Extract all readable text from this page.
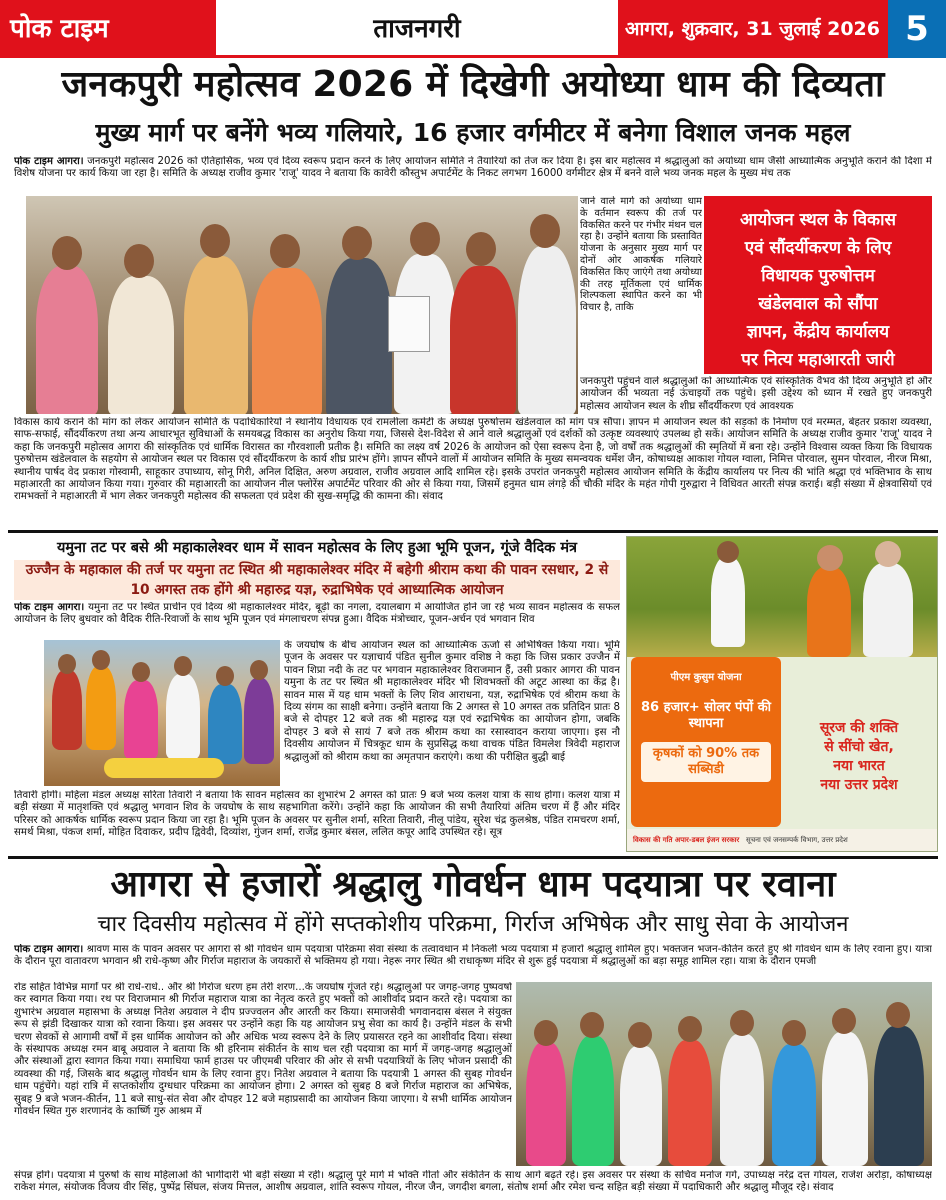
पोक टाइम	ताजनगरी	आगरा, शुक्रवार, 31 जुलाई 2026 5
जनकपुरी महोत्सव 2026 में दिखेगी अयोध्या धाम की दिव्यता
मुख्य मार्ग पर बनेंगे भव्य गलियारे, 16 हजार वर्गमीटर में बनेगा विशाल जनक महल

पोक टाइम आगरा। जनकपुरी महोत्सव 2026 को ऐतिहासिक, भव्य एवं दिव्य स्वरूप प्रदान करने के लिए आयोजन समिति ने तैयारियों को तेज कर दिया है। इस बार महोत्सव में श्रद्धालुओं को अयोध्या धाम जैसी आध्यात्मिक अनुभूति कराने की दिशा में विशेष योजना पर कार्य किया जा रहा है। समिति के अध्यक्ष राजीव कुमार 'राजू' यादव ने बताया कि कावेरी कौस्तुभ अपार्टमेंट के निकट लगभग 16000 वर्गमीटर क्षेत्र में बनने वाले भव्य जनक महल के मुख्य मंच तक

जाने वाले मार्ग को अयोध्या धाम के वर्तमान स्वरूप की तर्ज पर विकसित करने पर गंभीर मंथन चल रहा है। उन्होंने बताया कि प्रस्तावित योजना के अनुसार मुख्य मार्ग पर दोनों ओर आकर्षक गलियारे विकसित किए जाएंगे तथा अयोध्या की तरह मूर्तिकला एवं धार्मिक शिल्पकला स्थापित करने का भी विचार है, ताकि

आयोजन स्थल के विकास
एवं सौंदर्यीकरण के लिए
विधायक पुरुषोत्तम
खंडेलवाल को सौंपा
ज्ञापन, केंद्रीय कार्यालय
पर नित्य महाआरती जारी

जनकपुरी पहुंचने वाले श्रद्धालुओं को आध्यात्मिक एवं सांस्कृतिक वैभव की दिव्य अनुभूति हो और आयोजन की भव्यता नई ऊंचाइयों तक पहुंचे। इसी उद्देश्य को ध्यान में रखते हुए जनकपुरी महोत्सव आयोजन स्थल के शीघ्र सौंदर्यीकरण एवं आवश्यक

विकास कार्य कराने की मांग को लेकर आयोजन समिति के पदाधिकारियों ने स्थानीय विधायक एवं रामलीला कमेटी के अध्यक्ष पुरुषोत्तम खंडेलवाल को मांग पत्र सौंपा। ज्ञापन में आयोजन स्थल की सड़कों के निर्माण एवं मरम्मत, बेहतर प्रकाश व्यवस्था, साफ-सफाई, सौंदर्यीकरण तथा अन्य आधारभूत सुविधाओं के समयबद्ध विकास का अनुरोध किया गया, जिससे देश-विदेश से आने वाले श्रद्धालुओं एवं दर्शकों को उत्कृष्ट व्यवस्थाएं उपलब्ध हो सकें। आयोजन समिति के अध्यक्ष राजीव कुमार 'राजू' यादव ने कहा कि जनकपुरी महोत्सव आगरा की सांस्कृतिक एवं धार्मिक विरासत का गौरवशाली प्रतीक है। समिति का लक्ष्य वर्ष 2026 के आयोजन को ऐसा स्वरूप देना है, जो वर्षों तक श्रद्धालुओं की स्मृतियों में बना रहे। उन्होंने विश्वास व्यक्त किया कि विधायक पुरुषोत्तम खंडेलवाल के सहयोग से आयोजन स्थल पर विकास एवं सौंदर्यीकरण के कार्य शीघ्र प्रारंभ होंगे। ज्ञापन सौंपने वालों में आयोजन समिति के मुख्य समन्वयक धर्मेश जैन, कोषाध्यक्ष आकाश गोयल ग्वाला, निमित्त पोरवाल, सुमन पोरवाल, नीरज मिश्रा, स्थानीय पार्षद वेद प्रकाश गोस्वामी, साहूकार उपाध्याय, सोनू गिरी, अनिल दिक्षित, अरुण अग्रवाल, राजीव अग्रवाल आदि शामिल रहे। इसके उपरांत जनकपुरी महोत्सव आयोजन समिति के केंद्रीय कार्यालय पर नित्य की भांति श्रद्धा एवं भक्तिभाव के साथ महाआरती का आयोजन किया गया। गुरुवार की महाआरती का आयोजन नील फ्लोरेंस अपार्टमेंट परिवार की ओर से किया गया, जिसमें हनुमत धाम लंगड़े की चौकी मंदिर के महंत गोपी गुरुद्वारा ने विधिवत आरती संपन्न कराई। बड़ी संख्या में क्षेत्रवासियों एवं रामभक्तों ने महाआरती में भाग लेकर जनकपुरी महोत्सव की सफलता एवं प्रदेश की सुख-समृद्धि की कामना की। संवाद

यमुना तट पर बसे श्री महाकालेश्वर धाम में सावन महोत्सव के लिए हुआ भूमि पूजन, गूंजे वैदिक मंत्र
उज्जैन के महाकाल की तर्ज पर यमुना तट स्थित श्री महाकालेश्वर मंदिर में बहेगी श्रीराम कथा की पावन रसधार, 2 से 10 अगस्त तक होंगे श्री महारुद्र यज्ञ, रुद्राभिषेक एवं आध्यात्मिक आयोजन

पोक टाइम आगरा। यमुना तट पर स्थित प्राचीन एवं दिव्य श्री महाकालेश्वर मंदिर, बूढ़ी का नगला, दयालबाग में आयोजित होने जा रहे भव्य सावन महोत्सव के सफल आयोजन के लिए बुधवार को वैदिक रीति-रिवाजों के साथ भूमि पूजन एवं मंगलाचरण संपन्न हुआ। वैदिक मंत्रोच्चार, पूजन-अर्चन एवं भगवान शिव

के जयघोष के बीच आयोजन स्थल को आध्यात्मिक ऊर्जा से अभिषिक्त किया गया। भूमि पूजन के अवसर पर यज्ञाचार्य पंडित सुनील कुमार वशिष्ठ ने कहा कि जिस प्रकार उज्जैन में पावन शिप्रा नदी के तट पर भगवान महाकालेश्वर विराजमान हैं, उसी प्रकार आगरा की पावन यमुना के तट पर स्थित श्री महाकालेश्वर मंदिर भी शिवभक्तों की अटूट आस्था का केंद्र है। सावन मास में यह धाम भक्तों के लिए शिव आराधना, यज्ञ, रुद्राभिषेक एवं श्रीराम कथा के दिव्य संगम का साक्षी बनेगा। उन्होंने बताया कि 2 अगस्त से 10 अगस्त तक प्रतिदिन प्रातः 8 बजे से दोपहर 12 बजे तक श्री महारुद्र यज्ञ एवं रुद्राभिषेक का आयोजन होगा, जबकि दोपहर 3 बजे से सायं 7 बजे तक श्रीराम कथा का रसास्वादन कराया जाएगा। इस नौ दिवसीय आयोजन में चित्रकूट धाम के सुप्रसिद्ध कथा वाचक पंडित विमलेश त्रिवेदी महाराज श्रद्धालुओं को श्रीराम कथा का अमृतपान कराएंगे। कथा की परीक्षित बुद्धी बाई

तिवारी होंगी। महिला मंडल अध्यक्ष सरिता तिवारी ने बताया कि सावन महोत्सव का शुभारंभ 2 अगस्त को प्रातः 9 बजे भव्य कलश यात्रा के साथ होगा। कलश यात्रा में बड़ी संख्या में मातृशक्ति एवं श्रद्धालु भगवान शिव के जयघोष के साथ सहभागिता करेंगे। उन्होंने कहा कि आयोजन की सभी तैयारियां अंतिम चरण में हैं और मंदिर परिसर को आकर्षक धार्मिक स्वरूप प्रदान किया जा रहा है। भूमि पूजन के अवसर पर सुनील शर्मा, सरिता तिवारी, नीलू पांडेय, सुरेश चंद्र कुलश्रेष्ठ, पंडित रामचरण शर्मा, समर्थ मिश्रा, पंकज शर्मा, मोहित दिवाकर, प्रदीप द्विवेदी, दिव्यांश, गुंजन शर्मा, राजेंद्र कुमार बंसल, ललित कपूर आदि उपस्थित रहे। सूत्र

पीएम कुसुम योजना
86 हजार+ सोलर पंपों की स्थापना
कृषकों को 90% तक सब्सिडी
सूरज की शक्ति
से सींचो खेत,
नया भारत
नया उत्तर प्रदेश
विकास की गति अपार-डबल इंजन सरकार सूचना एवं जनसम्पर्क विभाग, उत्तर प्रदेश
आगरा से हजारों श्रद्धालु गोवर्धन धाम पदयात्रा पर रवाना
चार दिवसीय महोत्सव में होंगे सप्तकोशीय परिक्रमा, गिर्राज अभिषेक और साधु सेवा के आयोजन

पोक टाइम आगरा। श्रावण मास के पावन अवसर पर आगरा से श्री गोवर्धन धाम पदयात्रा परिक्रमा सेवा संस्था के तत्वावधान में निकली भव्य पदयात्रा में हजारों श्रद्धालु शामिल हुए। भक्तजन भजन-कीर्तन करते हुए श्री गोवर्धन धाम के लिए रवाना हुए। यात्रा के दौरान पूरा वातावरण भगवान श्री राधे-कृष्ण और गिर्राज महाराज के जयकारों से भक्तिमय हो गया। नेहरू नगर स्थित श्री राधाकृष्ण मंदिर से शुरू हुई पदयात्रा में श्रद्धालुओं का बड़ा समूह शामिल रहा। यात्रा के दौरान एमजी

रोड सहित विभिन्न मार्गों पर श्री राधे-राधे.. और श्री गिर्राज धरण हम तेरी शरण...के जयघोष गूंजते रहे। श्रद्धालुओं पर जगह-जगह पुष्पवर्षा कर स्वागत किया गया। रथ पर विराजमान श्री गिर्राज महाराज यात्रा का नेतृत्व करते हुए भक्तों को आशीर्वाद प्रदान करते रहे। पदयात्रा का शुभारंभ अग्रवाल महासभा के अध्यक्ष नितेश अग्रवाल ने दीप प्रज्ज्वलन और आरती कर किया। समाजसेवी भगवानदास बंसल ने संयुक्त रूप से झंडी दिखाकर यात्रा को रवाना किया। इस अवसर पर उन्होंने कहा कि यह आयोजन प्रभु सेवा का कार्य है। उन्होंने मंडल के सभी चरण सेवकों से आगामी वर्षों में इस धार्मिक आयोजन को और अधिक भव्य स्वरूप देने के लिए प्रयासरत रहने का आशीर्वाद दिया। संस्था के संस्थापक अध्यक्ष रमन बाबू अग्रवाल ने बताया कि श्री हरिनाम संकीर्तन के साथ चल रही पदयात्रा का मार्ग में जगह-जगह श्रद्धालुओं और संस्थाओं द्वारा स्वागत किया गया। समाधिया फार्म हाउस पर जीएमबी परिवार की ओर से सभी पदयात्रियों के लिए भोजन प्रसादी की व्यवस्था की गई, जिसके बाद श्रद्धालु गोवर्धन धाम के लिए रवाना हुए। नितेश अग्रवाल ने बताया कि पदयात्री 1 अगस्त की सुबह गोवर्धन धाम पहुंचेंगे। यहां रात्रि में सप्तकोशीय दुग्धधार परिक्रमा का आयोजन होगा। 2 अगस्त को सुबह 8 बजे गिर्राज महाराज का अभिषेक, सुबह 9 बजे भजन-कीर्तन, 11 बजे साधु-संत सेवा और दोपहर 12 बजे महाप्रसादी का आयोजन किया जाएगा। ये सभी धार्मिक आयोजन गोवर्धन स्थित गुरु शरणानंद के कार्ष्णि गुरु आश्रम में

संपन्न होंगे। पदयात्रा में पुरुषों के साथ महिलाओं की भागीदारी भी बड़ी संख्या में रही। श्रद्धालु पूरे मार्ग में भक्ति गीतों और संकीर्तन के साथ आगे बढ़ते रहे। इस अवसर पर संस्था के सचिव मनोज गर्ग, उपाध्यक्ष नरेंद्र दत्त गोयल, राजेश अरोड़ा, कोषाध्यक्ष राकेश मंगल, संयोजक विजय वीर सिंह, पुष्पेंद्र सिंघल, संजय मित्तल, आशीष अग्रवाल, शांति स्वरूप गोयल, नीरज जैन, जगदीश बगला, संतोष शर्मा और रमेश चन्द सहित बड़ी संख्या में पदाधिकारी और श्रद्धालु मौजूद रहे। संवाद
